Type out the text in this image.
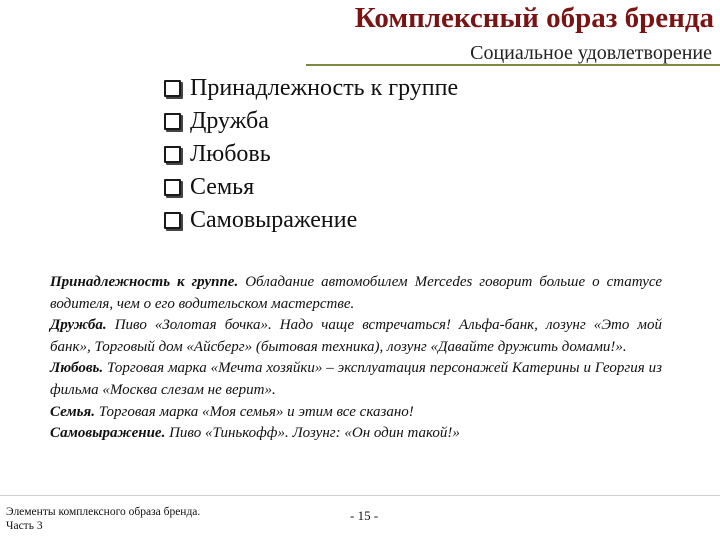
Комплексный образ бренда
Социальное удовлетворение
Принадлежность к группе
Дружба
Любовь
Семья
Самовыражение

Принадлежность к группе. Обладание автомобилем Mercedes говорит больше о статусе водителя, чем о его водительском мастерстве.

Дружба. Пиво «Золотая бочка». Надо чаще встречаться! Альфа-банк, лозунг «Это мой банк», Торговый дом «Айсберг» (бытовая техника), лозунг «Давайте дружить домами!».

Любовь. Торговая марка «Мечта хозяйки» – эксплуатация персонажей Катерины и Георгия из фильма «Москва слезам не верит».

Семья. Торговая марка «Моя семья» и этим все сказано!

Самовыражение. Пиво «Тинькофф». Лозунг: «Он один такой!»

Элементы комплексного образа бренда.
Часть 3
- 15 -
